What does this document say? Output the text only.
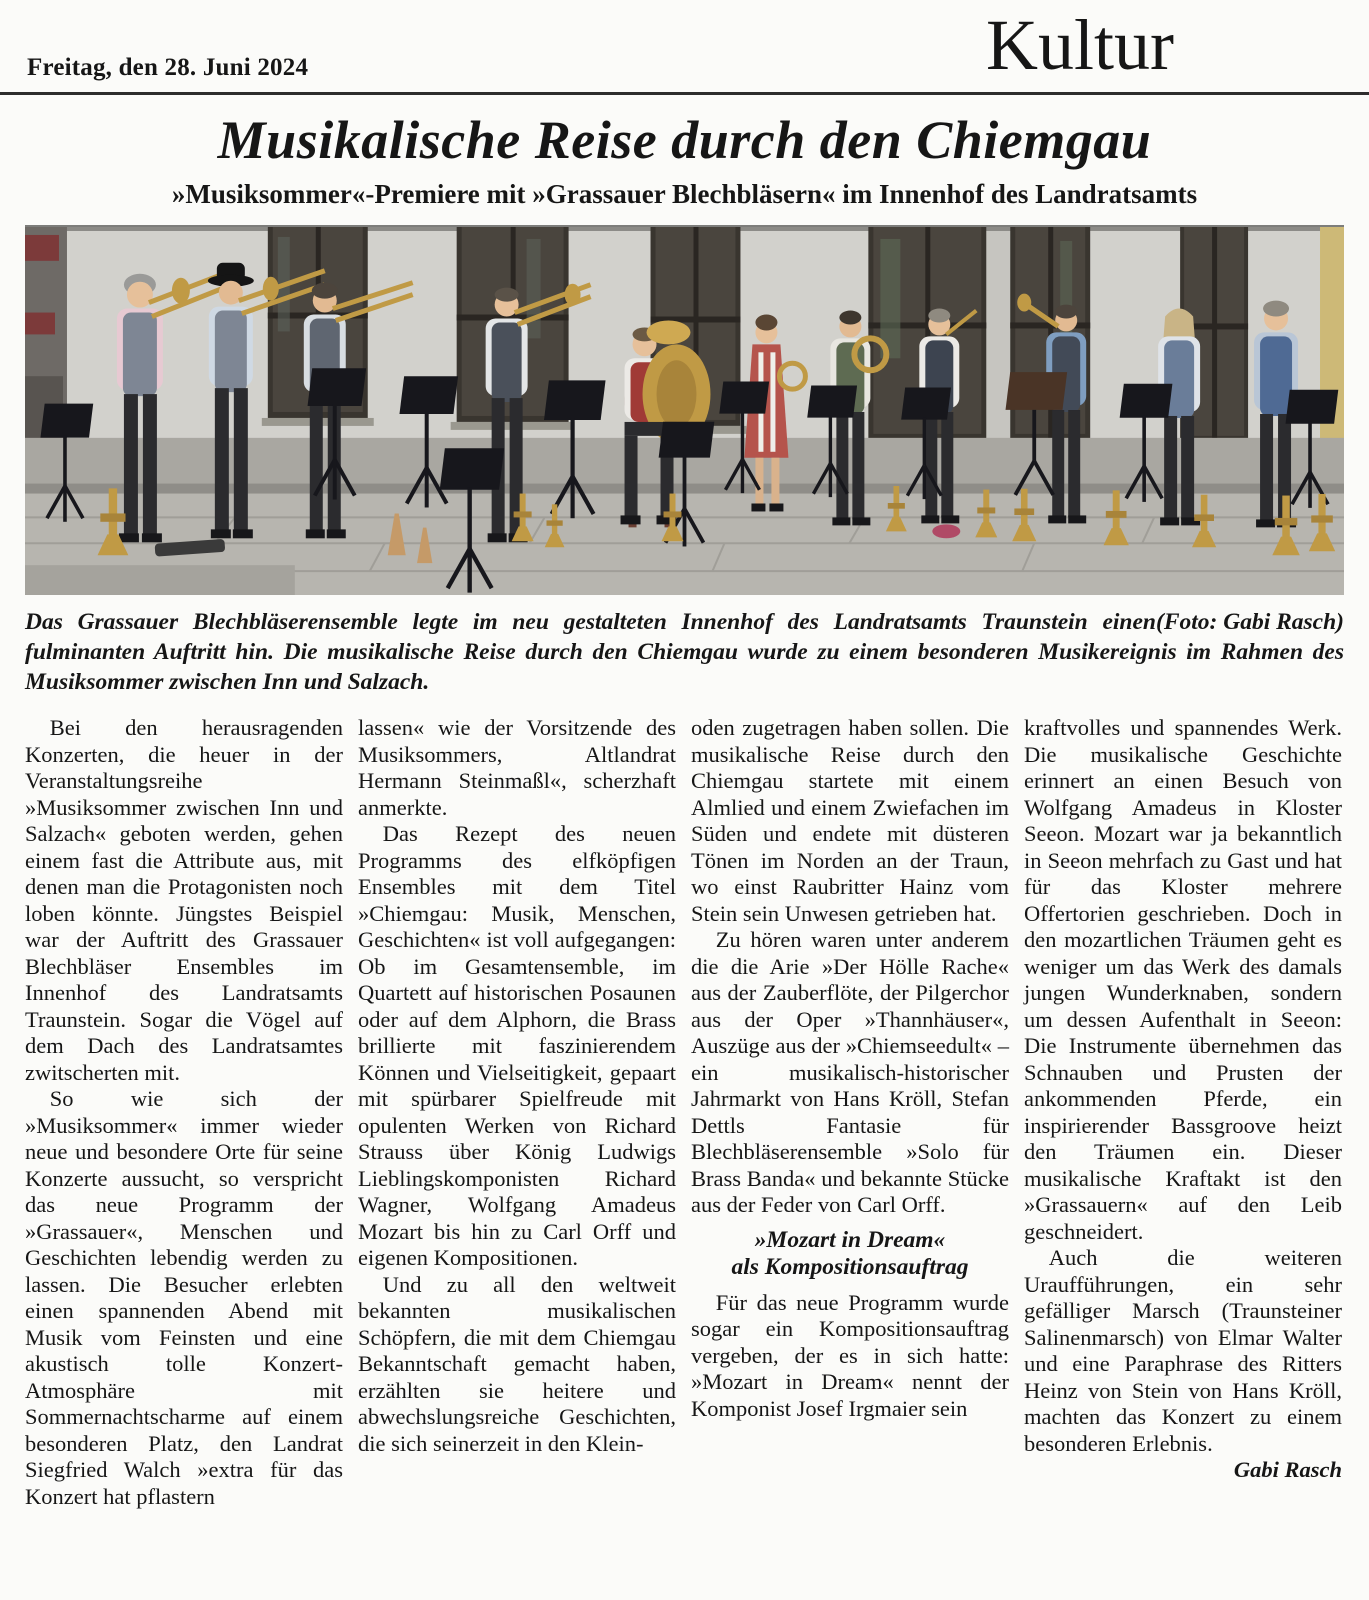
Freitag, den 28. Juni 2024	Kultur
Musikalische Reise durch den Chiemgau
»Musiksommer«-Premiere mit »Grassauer Blechbläsern« im Innenhof des Landratsamts
(Foto: Gabi Rasch)
Das Grassauer Blechbläserensemble legte im neu gestalteten Innenhof des Landratsamts Traunstein einen fulminanten Auftritt hin. Die musikalische Reise durch den Chiemgau wurde zu einem besonderen Musikereignis im Rahmen des Musiksommer zwischen Inn und Salzach.

Bei den herausragenden Konzerten, die heuer in der Veranstaltungsreihe »Musiksommer zwischen Inn und Salzach« geboten werden, gehen einem fast die Attribute aus, mit denen man die Protagonisten noch loben könnte. Jüngstes Beispiel war der Auftritt des Grassauer Blechbläser Ensembles im Innenhof des Landratsamts Traunstein. Sogar die Vögel auf dem Dach des Landratsamtes zwitscherten mit.

So wie sich der »Musiksommer« immer wieder neue und besondere Orte für seine Konzerte aussucht, so verspricht das neue Programm der »Grassauer«, Menschen und Geschichten lebendig werden zu lassen. Die Besucher erlebten einen spannenden Abend mit Musik vom Feinsten und eine akustisch tolle Konzert-Atmosphäre mit Sommernachtscharme auf einem besonderen Platz, den Landrat Siegfried Walch »extra für das Konzert hat pflastern

lassen« wie der Vorsitzende des Musiksommers, Altlandrat Hermann Steinmaßl«, scherzhaft anmerkte.

Das Rezept des neuen Programms des elfköpfigen Ensembles mit dem Titel »Chiemgau: Musik, Menschen, Geschichten« ist voll aufgegangen: Ob im Gesamtensemble, im Quartett auf historischen Posaunen oder auf dem Alphorn, die Brass brillierte mit faszinierendem Können und Vielseitigkeit, gepaart mit spürbarer Spielfreude mit opulenten Werken von Richard Strauss über König Ludwigs Lieblingskomponisten Richard Wagner, Wolfgang Amadeus Mozart bis hin zu Carl Orff und eigenen Kompositionen.

Und zu all den weltweit bekannten musikalischen Schöpfern, die mit dem Chiemgau Bekanntschaft gemacht haben, erzählten sie heitere und abwechslungsreiche Geschichten, die sich seinerzeit in den Klein-

oden zugetragen haben sollen. Die musikalische Reise durch den Chiemgau startete mit einem Almlied und einem Zwiefachen im Süden und endete mit düsteren Tönen im Norden an der Traun, wo einst Raubritter Hainz vom Stein sein Unwesen getrieben hat.

Zu hören waren unter anderem die die Arie »Der Hölle Rache« aus der Zauberflöte, der Pilgerchor aus der Oper »Thannhäuser«, Auszüge aus der »Chiemseedult« – ein musikalisch-historischer Jahrmarkt von Hans Kröll, Stefan Dettls Fantasie für Blechbläserensemble »Solo für Brass Banda« und bekannte Stücke aus der Feder von Carl Orff.

»Mozart in Dream«
als Kompositionsauftrag

Für das neue Programm wurde sogar ein Kompositionsauftrag vergeben, der es in sich hatte: »Mozart in Dream« nennt der Komponist Josef Irgmaier sein

kraftvolles und spannendes Werk. Die musikalische Geschichte erinnert an einen Besuch von Wolfgang Amadeus in Kloster Seeon. Mozart war ja bekanntlich in Seeon mehrfach zu Gast und hat für das Kloster mehrere Offertorien geschrieben. Doch in den mozartlichen Träumen geht es weniger um das Werk des damals jungen Wunderknaben, sondern um dessen Aufenthalt in Seeon: Die Instrumente übernehmen das Schnauben und Prusten der ankommenden Pferde, ein inspirierender Bassgroove heizt den Träumen ein. Dieser musikalische Kraftakt ist den »Grassauern« auf den Leib geschneidert.

Auch die weiteren Uraufführungen, ein sehr gefälliger Marsch (Traunsteiner Salinenmarsch) von Elmar Walter und eine Paraphrase des Ritters Heinz von Stein von Hans Kröll, machten das Konzert zu einem besonderen Erlebnis.
Gabi Rasch
